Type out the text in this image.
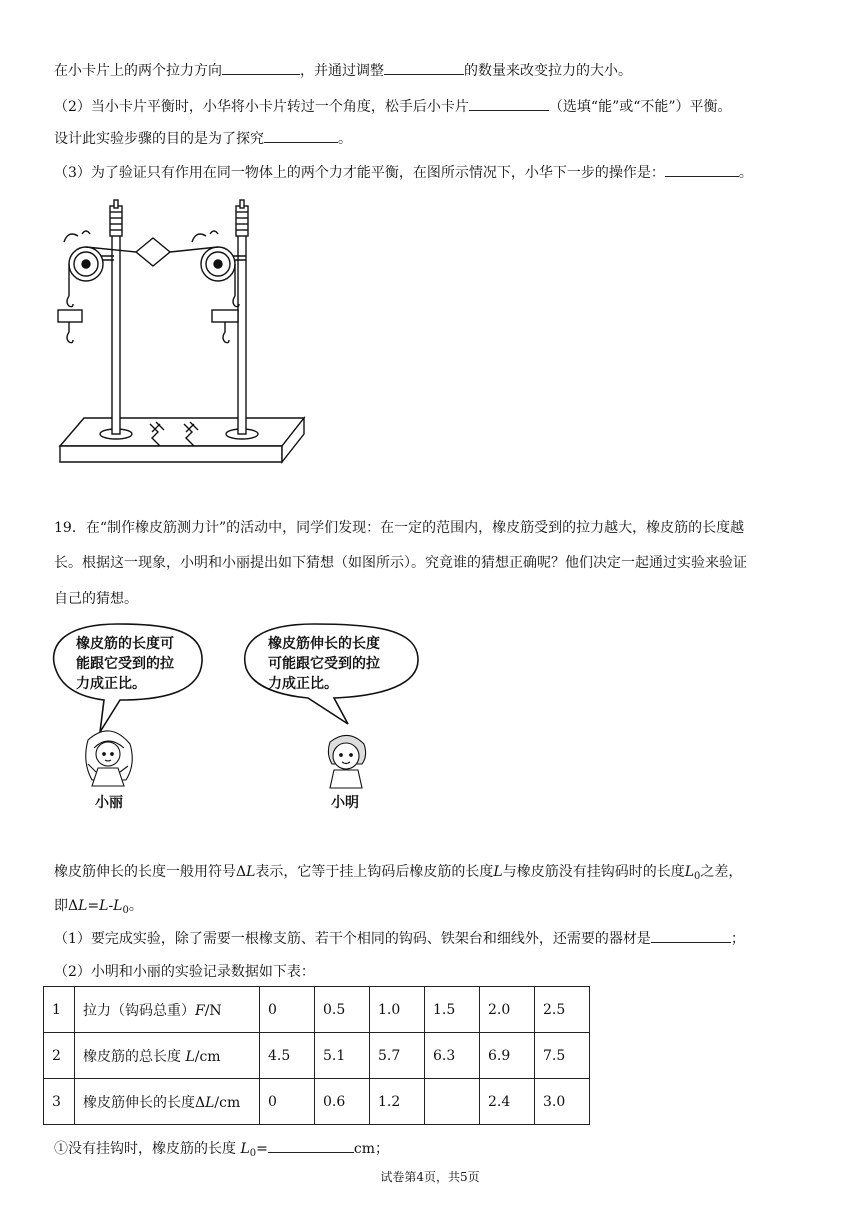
在小卡片上的两个拉力方向	，并通过调整	的数量来改变拉力的大小。
（2）当小卡片平衡时，小华将小卡片转过一个角度，松手后小卡片	（选填“能”或“不能”）平衡。
设计此实验步骤的目的是为了探究	。
（3）为了验证只有作用在同一物体上的两个力才能平衡，在图所示情况下，小华下一步的操作是：	。
19．在“制作橡皮筋测力计”的活动中，同学们发现：在一定的范围内，橡皮筋受到的拉力越大，橡皮筋的长度越
长。根据这一现象，小明和小丽提出如下猜想（如图所示）。究竟谁的猜想正确呢？他们决定一起通过实验来验证
自己的猜想。
橡皮筋的长度可
能跟它受到的拉
力成正比。
橡皮筋伸长的长度
可能跟它受到的拉
力成正比。
小丽	小明
橡皮筋伸长的长度一般用符号ΔL表示，它等于挂上钩码后橡皮筋的长度L与橡皮筋没有挂钩码时的长度$L_0$之差，
即$\Delta L=L-L_0$。
（1）要完成实验，除了需要一根橡支筋、若干个相同的钩码、铁架台和细线外，还需要的器材是	；
（2）小明和小丽的实验记录数据如下表：
1	拉力（钩码总重）F/N	0	0.5	1.0	1.5	2.0	2.5
2	橡皮筋的总长度 L/cm	4.5	5.1	5.7	6.3	6.9	7.5
3	橡皮筋伸长的长度ΔL/cm	0	0.6	1.2		2.4	3.0
①没有挂钩时，橡皮筋的长度 $L_0=$	cm；
试卷第4页，共5页
